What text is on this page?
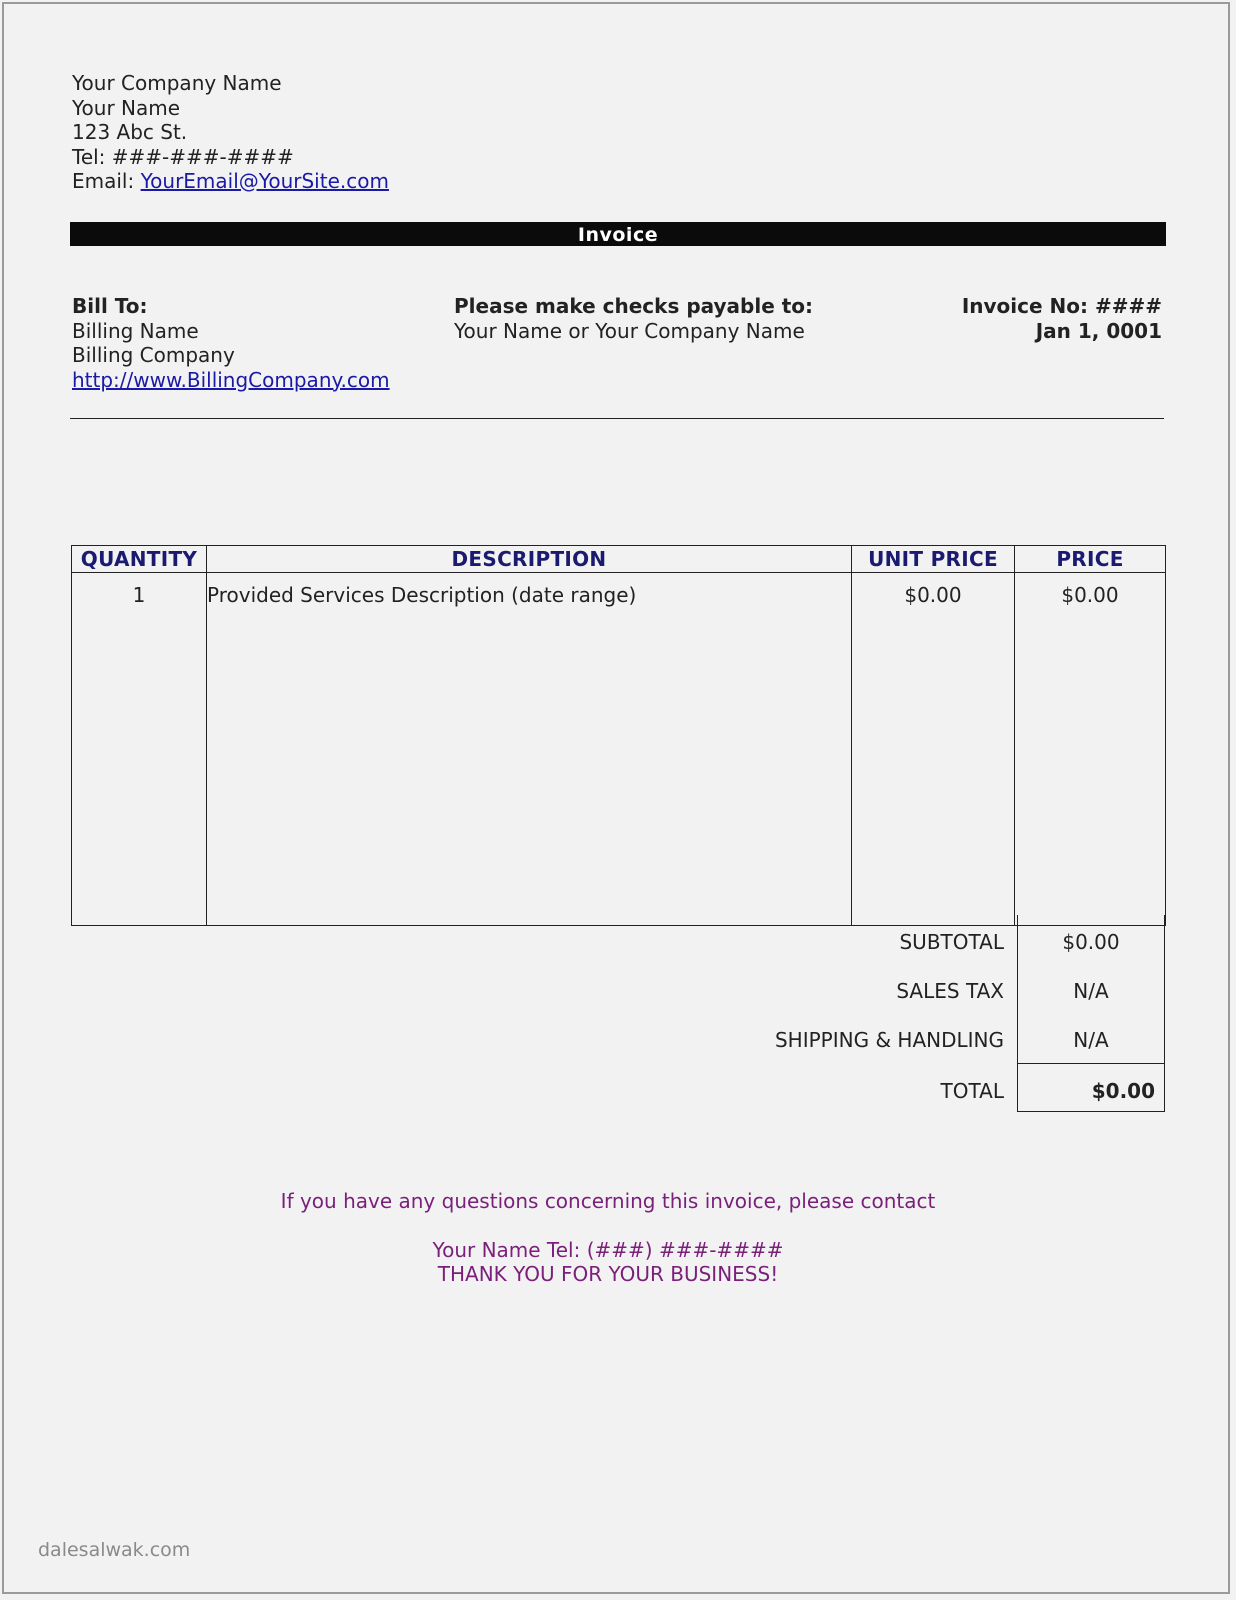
Your Company Name
Your Name
123 Abc St.
Tel: ###-###-####
Email: YourEmail@YourSite.com
Invoice
Bill To:
Billing Name
Billing Company
http://www.BillingCompany.com
Please make checks payable to:
Your Name or Your Company Name
Invoice No: ####
Jan 1, 0001
QUANTITY	DESCRIPTION	UNIT PRICE	PRICE
1	Provided Services Description (date range)	$0.00	$0.00
SUBTOTAL	$0.00
SALES TAX	N/A
SHIPPING & HANDLING	N/A
TOTAL	$0.00
If you have any questions concerning this invoice, please contact
Your Name Tel: (###) ###-####
THANK YOU FOR YOUR BUSINESS!
dalesalwak.com
